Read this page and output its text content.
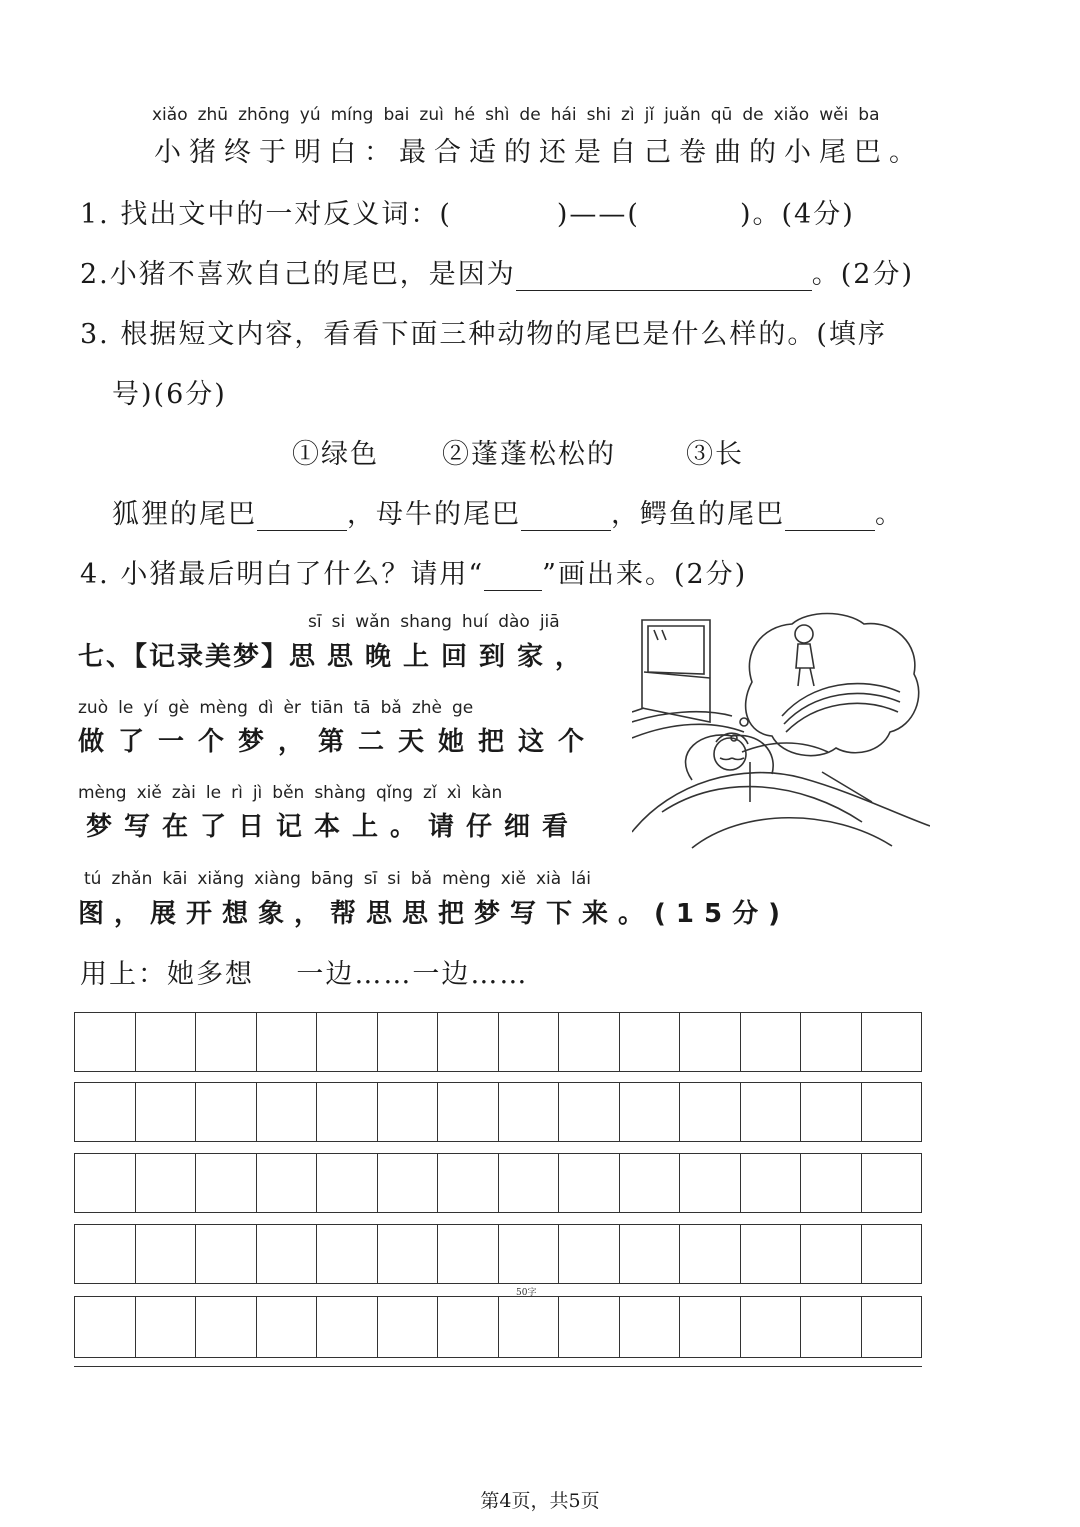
xiǎo zhū zhōng yú míng bai zuì hé shì de hái shi zì jǐ juǎn qū de xiǎo wěi ba
小猪终于明白：最合适的还是自己卷曲的小尾巴。
1. 找出文中的一对反义词：(	)——(	)。(4分)
2.小猪不喜欢自己的尾巴，是因为	。(2分)
3. 根据短文内容，看看下面三种动物的尾巴是什么样的。(填序
号)(6分)
①绿色 ②蓬蓬松松的	③长
狐狸的尾巴	，母牛的尾巴	，鳄鱼的尾巴	。
4. 小猪最后明白了什么？请用“ ”画出来。(2分)
sī si wǎn shang huí dào jiā
七、【记录美梦】思思晚上回到家，
zuò le yí gè mèng dì èr tiān tā bǎ zhè ge
做了一个梦，第二天她把这个
mèng xiě zài le rì jì běn shàng qǐng zǐ xì kàn
梦写在了日记本上。请仔细看
tú zhǎn kāi xiǎng xiàng bāng sī si bǎ mèng xiě xià lái
图，展开想象，帮思思把梦写下来。(15分)
用上：她多想    一边……一边……
50字
第4页，共5页
